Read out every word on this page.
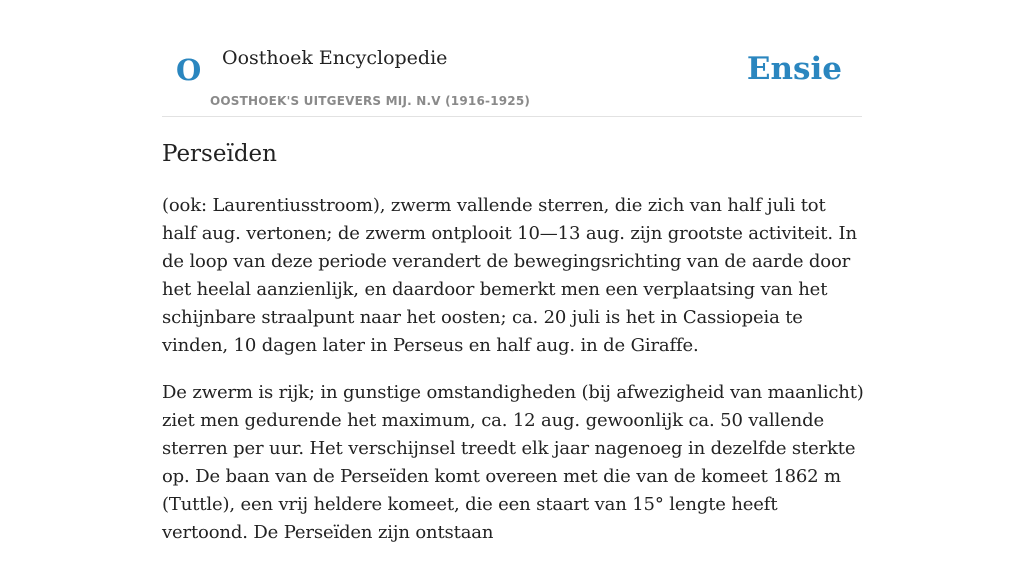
O Oosthoek Encyclopedie
OOSTHOEK'S UITGEVERS MIJ. N.V (1916-1925)
Ensie
Perseïden

(ook: Laurentiusstroom), zwerm vallende sterren, die zich van half juli tot half aug. vertonen; de zwerm ontplooit 10—13 aug. zijn grootste activiteit. In de loop van deze periode verandert de bewegingsrichting van de aarde door het heelal aanzienlijk, en daardoor bemerkt men een verplaatsing van het schijnbare straalpunt naar het oosten; ca. 20 juli is het in Cassiopeia te vinden, 10 dagen later in Perseus en half aug. in de Giraffe.

De zwerm is rijk; in gunstige omstandigheden (bij afwezigheid van maanlicht) ziet men gedurende het maximum, ca. 12 aug. gewoonlijk ca. 50 vallende sterren per uur. Het verschijnsel treedt elk jaar nagenoeg in dezelfde sterkte op. De baan van de Perseïden komt overeen met die van de komeet 1862 m (Tuttle), een vrij heldere komeet, die een staart van 15° lengte heeft vertoond. De Perseïden zijn ontstaan
